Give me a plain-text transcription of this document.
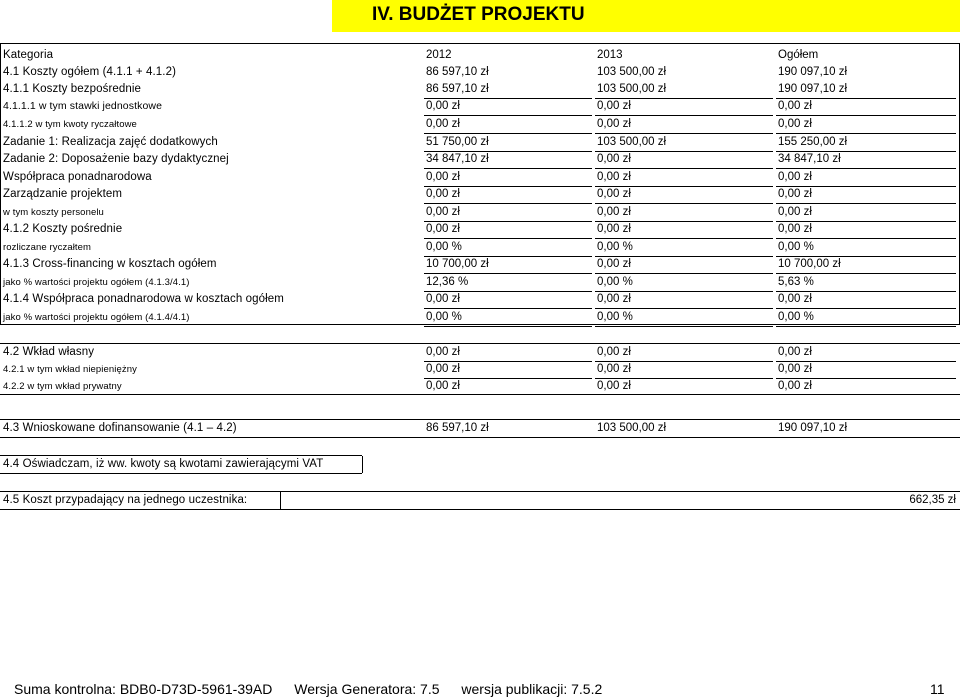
IV. BUDŻET PROJEKTU
Kategoria	2012	2013	Ogółem
4.1 Koszty ogółem (4.1.1 + 4.1.2)	86 597,10 zł	103 500,00 zł	190 097,10 zł
4.1.1 Koszty bezpośrednie	86 597,10 zł	103 500,00 zł	190 097,10 zł
4.1.1.1 w tym stawki jednostkowe	0,00 zł	0,00 zł	0,00 zł
4.1.1.2 w tym kwoty ryczałtowe	0,00 zł	0,00 zł	0,00 zł
Zadanie 1: Realizacja zajęć dodatkowych	51 750,00 zł	103 500,00 zł	155 250,00 zł
Zadanie 2: Doposażenie bazy dydaktycznej	34 847,10 zł	0,00 zł	34 847,10 zł
Współpraca ponadnarodowa	0,00 zł	0,00 zł	0,00 zł
Zarządzanie projektem	0,00 zł	0,00 zł	0,00 zł
w tym koszty personelu	0,00 zł	0,00 zł	0,00 zł
4.1.2 Koszty pośrednie	0,00 zł	0,00 zł	0,00 zł
rozliczane ryczałtem	0,00 %	0,00 %	0,00 %
4.1.3 Cross-financing w kosztach ogółem	10 700,00 zł	0,00 zł	10 700,00 zł
jako % wartości projektu ogółem (4.1.3/4.1)	12,36 %	0,00 %	5,63 %
4.1.4 Współpraca ponadnarodowa w kosztach ogółem	0,00 zł	0,00 zł	0,00 zł
jako % wartości projektu ogółem (4.1.4/4.1)	0,00 %	0,00 %	0,00 %
4.2 Wkład własny	0,00 zł	0,00 zł	0,00 zł
4.2.1 w tym wkład niepieniężny	0,00 zł	0,00 zł	0,00 zł
4.2.2 w tym wkład prywatny	0,00 zł	0,00 zł	0,00 zł
4.3 Wnioskowane dofinansowanie (4.1 – 4.2)	86 597,10 zł	103 500,00 zł	190 097,10 zł
4.4 Oświadczam, iż ww. kwoty są kwotami zawierającymi VAT
4.5 Koszt przypadający na jednego uczestnika:	662,35 zł
Suma kontrolna: BDB0-D73D-5961-39AD Wersja Generatora: 7.5 wersja publikacji: 7.5.2	11
